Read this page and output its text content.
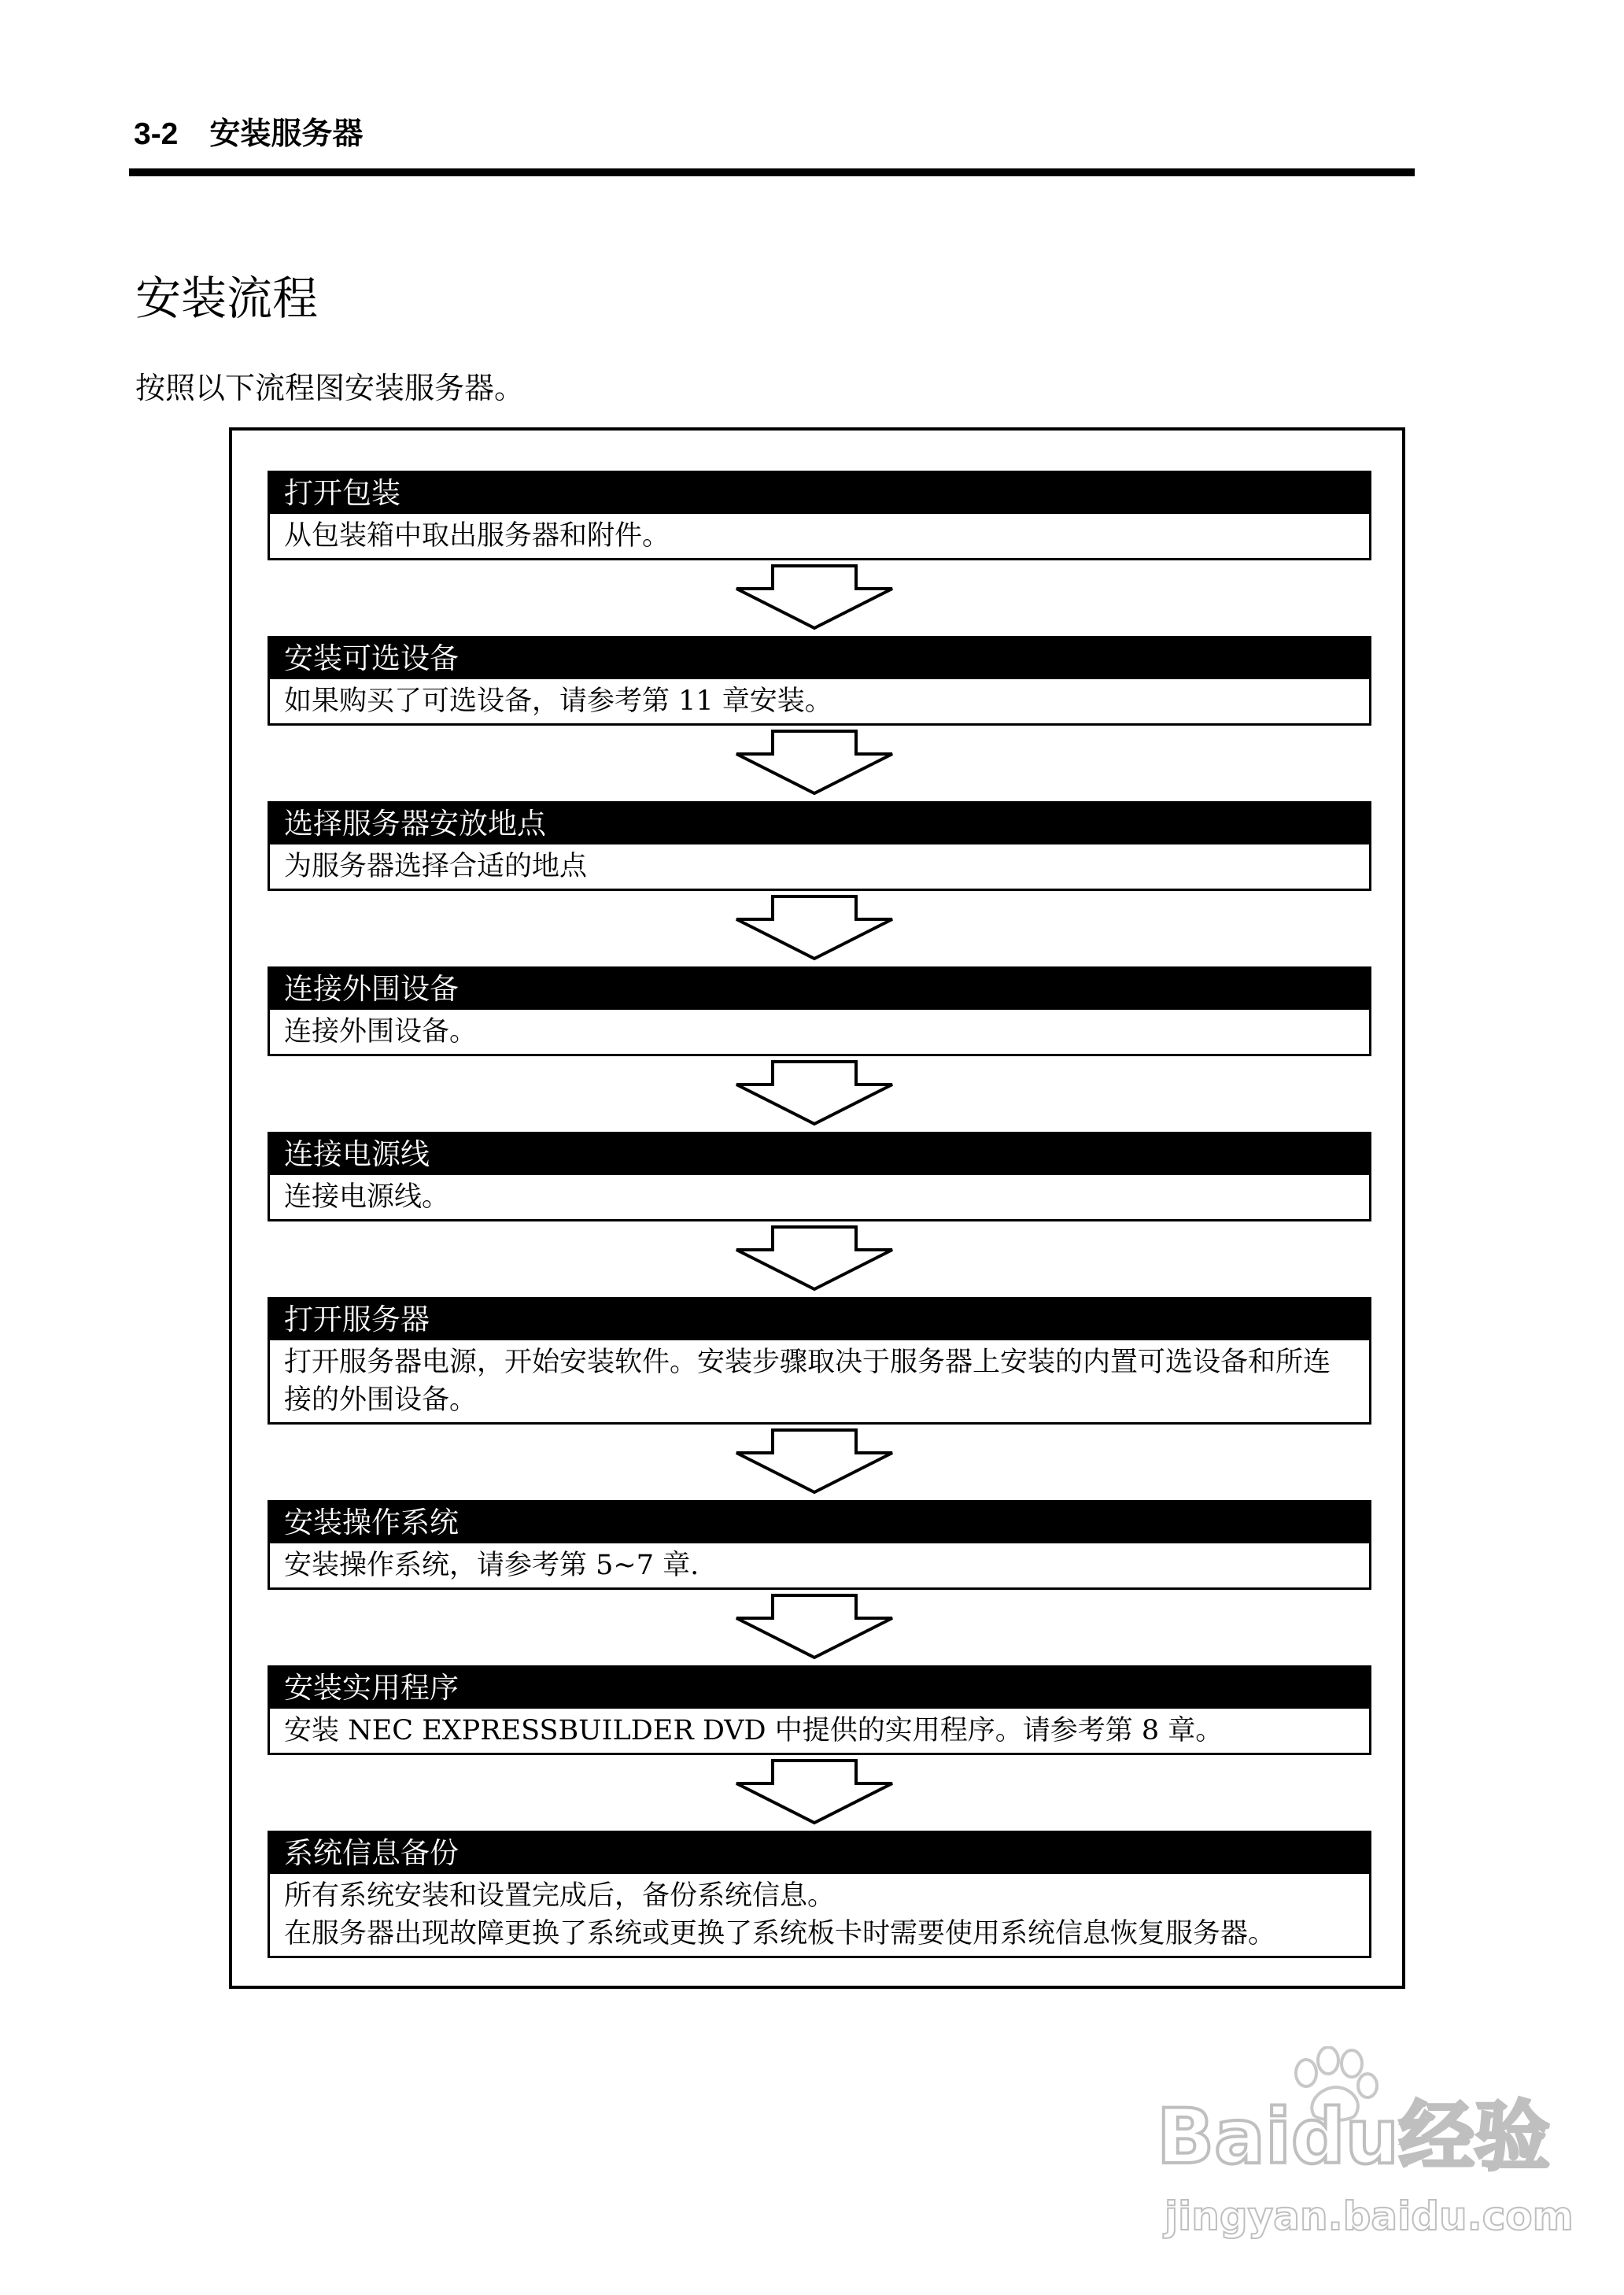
3-2 安装服务器
安装流程
按照以下流程图安装服务器。
打开包装
从包装箱中取出服务器和附件。
安装可选设备
如果购买了可选设备，请参考第 11 章安装。
选择服务器安放地点
为服务器选择合适的地点
连接外围设备
连接外围设备。
连接电源线
连接电源线。
打开服务器
打开服务器电源，开始安装软件。安装步骤取决于服务器上安装的内置可选设备和所连
接的外围设备。
安装操作系统
安装操作系统，请参考第 5~7 章.
安装实用程序
安装 NEC EXPRESSBUILDER DVD 中提供的实用程序。请参考第 8 章。
系统信息备份
所有系统安装和设置完成后，备份系统信息。
在服务器出现故障更换了系统或更换了系统板卡时需要使用系统信息恢复服务器。
Baidu经验
jingyan.baidu.com
